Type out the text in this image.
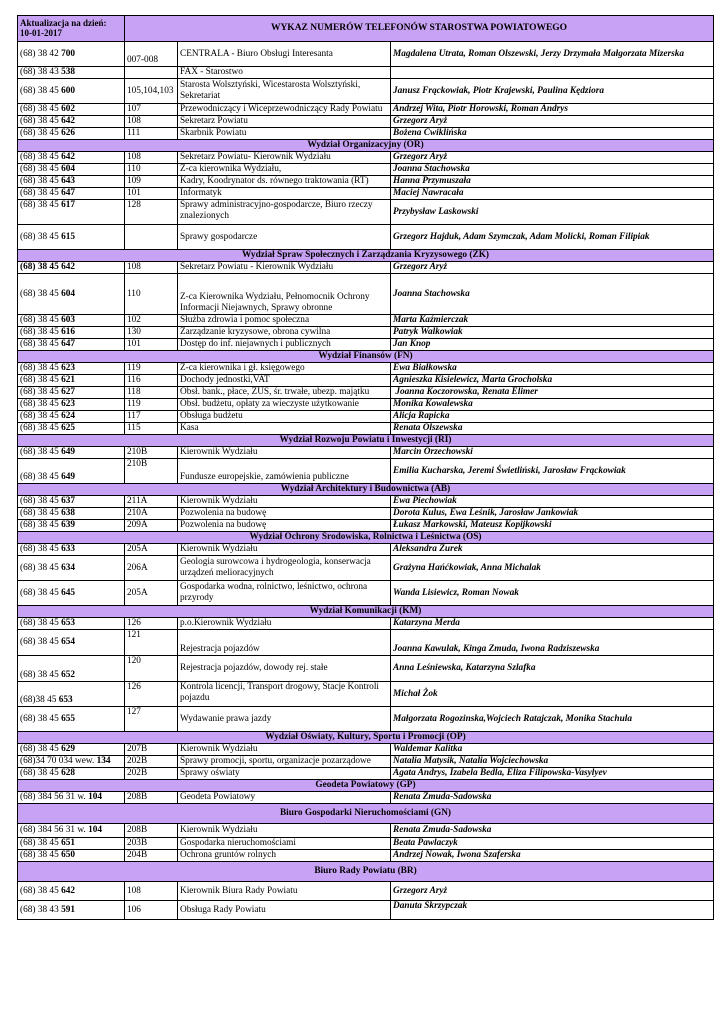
Aktualizacja na dzień:
10-01-2017	WYKAZ NUMERÓW TELEFONÓW STAROSTWA POWIATOWEGO		
(68) 38 42 700	007-008	CENTRALA - Biuro Obsługi Interesanta	Magdalena Utrata, Roman Olszewski, Jerzy Drzymała Małgorzata Mizerska
(68) 38 43 538		FAX - Starostwo	
(68) 38 45 600	105,104,103	Starosta Wolsztyński, Wicestarosta Wolsztyński, Sekretariat	Janusz Frąckowiak, Piotr Krajewski, Paulina Kędziora
(68) 38 45 602	107	Przewodniczący i Wiceprzewodniczący Rady Powiatu	Andrzej Wita, Piotr Horowski, Roman Andrys
(68) 38 45 642	108	Sekretarz Powiatu	Grzegorz Aryż
(68) 38 45 626	111	Skarbnik Powiatu	Bożena Ćwiklińska
Wydział Organizacyjny (OR)			
(68) 38 45 642	108	Sekretarz Powiatu- Kierownik Wydziału	Grzegorz Aryż
(68) 38 45 604	110	Z-ca kierownika Wydziału,	Joanna Stachowska
(68) 38 45 643	109	Kadry, Koodrynator ds. równego traktowania (RT)	Hanna Przymuszała
(68) 38 45 647	101	Informatyk	Maciej Nawracała
(68) 38 45 617	128	Sprawy administracyjno-gospodarcze, Biuro rzeczy znalezionych	Przybysław Laskowski
(68) 38 45 615		Sprawy gospodarcze	Grzegorz Hajduk, Adam Szymczak, Adam Molicki, Roman Filipiak
Wydział Spraw Społecznych i Zarządzania Kryzysowego (ZK)			
(68) 38 45 642	108	Sekretarz Powiatu - Kierownik Wydziału	Grzegorz Aryż
(68) 38 45 604	110	Z-ca Kierownika Wydziału, Pełnomocnik Ochrony Informacji Niejawnych, Sprawy obronne	Joanna Stachowska
(68) 38 45 603	102	Służba zdrowia i pomoc społeczna	Marta Kaźmierczak
(68) 38 45 616	130	Zarządzanie kryzysowe, obrona cywilna	Patryk Walkowiak
(68) 38 45 647	101	Dostęp do inf. niejawnych i publicznych	Jan Knop
Wydział Finansów (FN)			
(68) 38 45 623	119	Z-ca kierownika i gł. księgowego	Ewa Białkowska
(68) 38 45 621	116	Dochody jednostki,VAT	Agnieszka Kisielewicz, Marta Grocholska
(68) 38 45 627	118	Obsł. bank., płace, ZUS, śr. trwałe, ubezp. majątku	Joanna Koczorowska, Renata Elimer
(68) 38 45 623	119	Obsł. budżetu, opłaty za wieczyste użytkowanie	Monika Kowalewska
(68) 38 45 624	117	Obsługa budżetu	Alicja Rapicka
(68) 38 45 625	115	Kasa	Renata Olszewska
Wydział Rozwoju Powiatu i Inwestycji (RI)			
(68) 38 45 649	210B	Kierownik Wydziału	Marcin Orzechowski
(68) 38 45 649	210B	Fundusze europejskie, zamówienia publiczne	Emilia Kucharska, Jeremi Świetliński, Jarosław Frąckowiak
Wydział Architektury i Budownictwa (AB)			
(68) 38 45 637	211A	Kierownik Wydziału	Ewa Piechowiak
(68) 38 45 638	210A	Pozwolenia na budowę	Dorota Kulus, Ewa Leśnik, Jarosław Jankowiak
(68) 38 45 639	209A	Pozwolenia na budowę	Łukasz Markowski, Mateusz Kopijkowski
Wydział Ochrony Środowiska, Rolnictwa i Leśnictwa (OS)			
(68) 38 45 633	205A	Kierownik Wydziału	Aleksandra Żurek
(68) 38 45 634	206A	Geologia surowcowa i hydrogeologia, konserwacja urządzeń melioracyjnych	Grażyna Hańćkowiak, Anna Michalak
(68) 38 45 645	205A	Gospodarka wodna, rolnictwo, leśnictwo, ochrona przyrody	Wanda Lisiewicz, Roman Nowak
Wydział Komunikacji (KM)			
(68) 38 45 653	126	p.o.Kierownik Wydziału	Katarzyna Merda
(68) 38 45 654	121	Rejestracja pojazdów	Joanna Kawulak, Kinga Zmuda, Iwona Radziszewska
(68) 38 45 652	120	Rejestracja pojazdów, dowody rej. stałe	Anna Leśniewska, Katarzyna Szlafka
(68)38 45 653	126	Kontrola licencji, Transport drogowy, Stacje Kontroli pojazdu	Michał Żok
(68) 38 45 655	127	Wydawanie prawa jazdy	Małgorzata Rogozinska,Wojciech Ratajczak, Monika Stachula
Wydział Oświaty, Kultury, Sportu i Promocji (OP)			
(68) 38 45 629	207B	Kierownik Wydziału	Waldemar Kalitka
(68)34 70 034 wew. 134	202B	Sprawy promocji, sportu, organizacje pozarządowe	Natalia Matysik, Natalia Wojciechowska
(68) 38 45 628	202B	Sprawy oświaty	Agata Andrys, Izabela Bedla, Eliza Filipowska-Vasylyev
Geodeta Powiatowy (GP)			
(68) 384 56 31 w. 104	208B	Geodeta Powiatowy	Renata Zmuda-Sadowska
Biuro Gospodarki Nieruchomościami (GN)			
(68) 384 56 31 w. 104	208B	Kierownik Wydziału	Renata Zmuda-Sadowska
(68) 38 45 651	203B	Gospodarka nieruchomościami	Beata Pawlaczyk
(68) 38 45 650	204B	Ochrona gruntów rolnych	Andrzej Nowak, Iwona Szaferska
Biuro Rady Powiatu (BR)			
(68) 38 45 642	108	Kierownik Biura Rady Powiatu	Grzegorz Aryż
(68) 38 43 591	106	Obsługa Rady Powiatu	Danuta Skrzypczak
